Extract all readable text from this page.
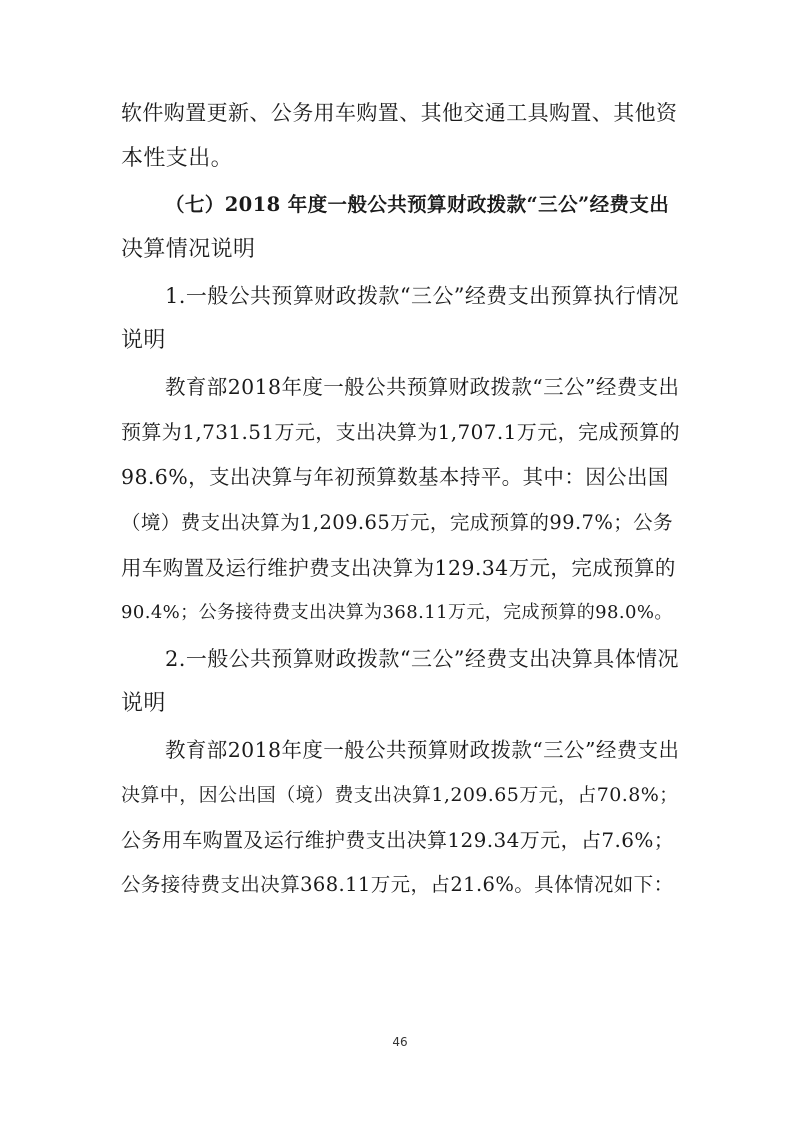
软件购置更新、公务用车购置、其他交通工具购置、其他资
本性支出。
（七）2018 年度一般公共预算财政拨款“三公”经费支出
决算情况说明
1.一般公共预算财政拨款“三公”经费支出预算执行情况
说明
教育部2018年度一般公共预算财政拨款“三公”经费支出
预算为1,731.51万元，支出决算为1,707.1万元，完成预算的
98.6%，支出决算与年初预算数基本持平。其中：因公出国
（境）费支出决算为1,209.65万元，完成预算的99.7%；公务
用车购置及运行维护费支出决算为129.34万元，完成预算的
90.4%；公务接待费支出决算为368.11万元，完成预算的98.0%。
2.一般公共预算财政拨款“三公”经费支出决算具体情况
说明
教育部2018年度一般公共预算财政拨款“三公”经费支出
决算中，因公出国（境）费支出决算1,209.65万元，占70.8%；
公务用车购置及运行维护费支出决算129.34万元，占7.6%；
公务接待费支出决算368.11万元，占21.6%。具体情况如下：
46
